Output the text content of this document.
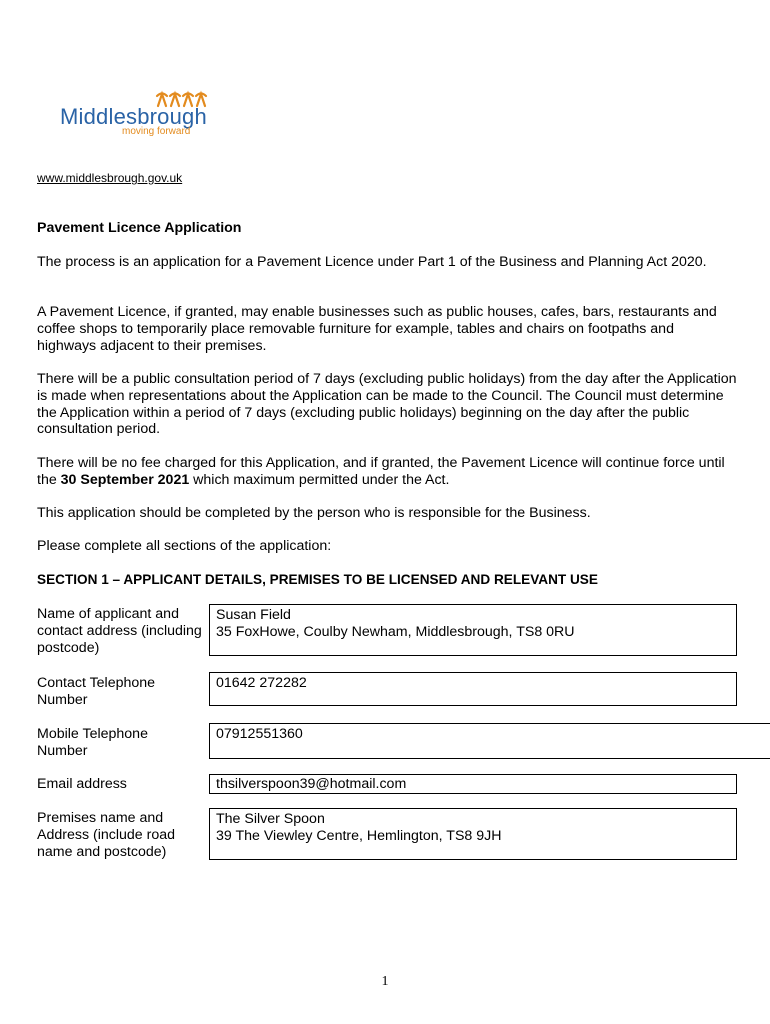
Middlesbrough
moving forward
www.middlesbrough.gov.uk
Pavement Licence Application
The process is an application for a Pavement Licence under Part 1 of the Business and Planning Act 2020.
A Pavement Licence, if granted, may enable businesses such as public houses, cafes, bars, restaurants and coffee shops to temporarily place removable furniture for example, tables and chairs on footpaths and highways adjacent to their premises.
There will be a public consultation period of 7 days (excluding public holidays) from the day after the Application is made when representations about the Application can be made to the Council. The Council must determine the Application within a period of 7 days (excluding public holidays) beginning on the day after the public consultation period.
There will be no fee charged for this Application, and if granted, the Pavement Licence will continue force until the 30 September 2021 which maximum permitted under the Act.
This application should be completed by the person who is responsible for the Business.
Please complete all sections of the application:
SECTION 1 – APPLICANT DETAILS, PREMISES TO BE LICENSED AND RELEVANT USE
Name of applicant and contact address (including postcode)
Susan Field
35 FoxHowe, Coulby Newham, Middlesbrough, TS8 0RU
Contact Telephone Number
01642 272282
Mobile Telephone Number
07912551360
Email address	thsilverspoon39@hotmail.com
Premises name and Address (include road name and postcode)
The Silver Spoon
39 The Viewley Centre, Hemlington, TS8 9JH
1
